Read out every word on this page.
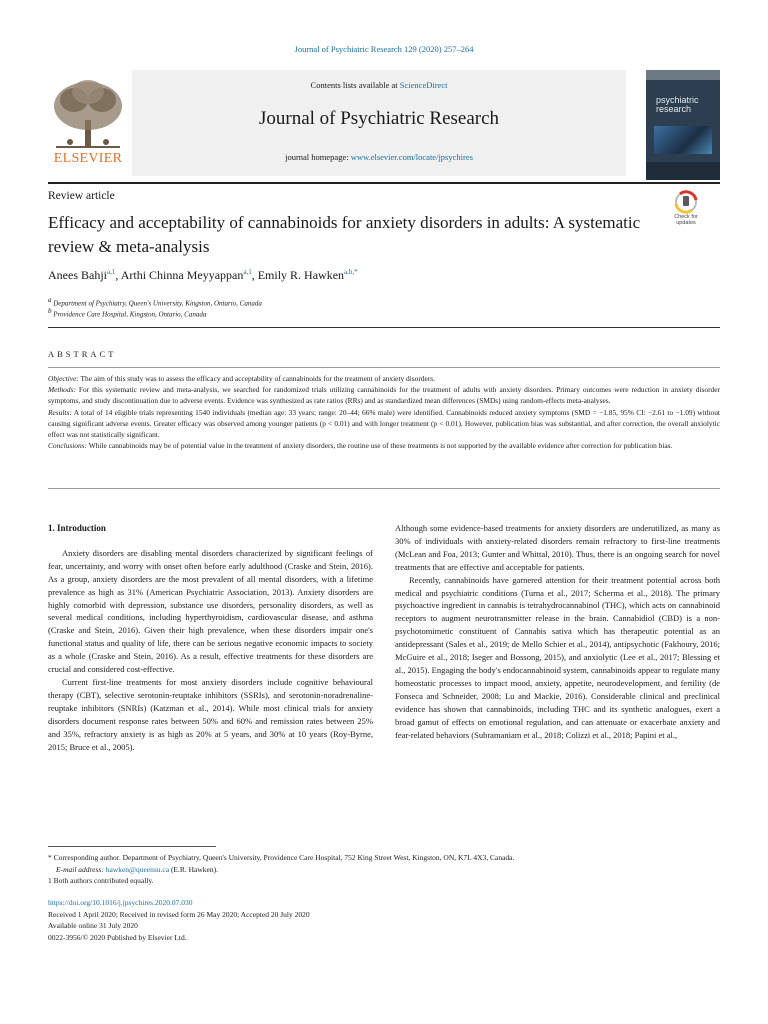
Journal of Psychiatric Research 129 (2020) 257–264
ELSEVIER
Contents lists available at ScienceDirect
Journal of Psychiatric Research
journal homepage: www.elsevier.com/locate/jpsychires
psychiatric research
Review article
Efficacy and acceptability of cannabinoids for anxiety disorders in adults: A systematic review & meta-analysis
Check for updates
Anees Bahji$^{a,1}$, Arthi Chinna Meyyappan$^{a,1}$, Emily R. Hawken$^{a,b,*}$
$^a$ Department of Psychiatry, Queen's University, Kingston, Ontario, Canada
$^b$ Providence Care Hospital, Kingston, Ontario, Canada
ABSTRACT

Objective: The aim of this study was to assess the efficacy and acceptability of cannabinoids for the treatment of anxiety disorders.

Methods: For this systematic review and meta-analysis, we searched for randomized trials utilizing cannabinoids for the treatment of adults with anxiety disorders. Primary outcomes were reduction in anxiety disorder symptoms, and study discontinuation due to adverse events. Evidence was synthesized as rate ratios (RRs) and as standardized mean differences (SMDs) using random-effects meta-analyses.

Results: A total of 14 eligible trials representing 1540 individuals (median age: 33 years; range: 20–44; 66% male) were identified. Cannabinoids reduced anxiety symptoms (SMD = −1.85, 95% CI: −2.61 to −1.09) without causing significant adverse events. Greater efficacy was observed among younger patients (p < 0.01) and with longer treatment (p < 0.01). However, publication bias was substantial, and after correction, the overall anxiolytic effect was not statistically significant.

Conclusions: While cannabinoids may be of potential value in the treatment of anxiety disorders, the routine use of these treatments is not supported by the available evidence after correction for publication bias.

1. Introduction

Anxiety disorders are disabling mental disorders characterized by significant feelings of fear, uncertainty, and worry with onset often before early adulthood (Craske and Stein, 2016). As a group, anxiety disorders are the most prevalent of all mental disorders, with a lifetime prevalence as high as 31% (American Psychiatric Association, 2013). Anxiety disorders are highly comorbid with depression, substance use disorders, personality disorders, as well as several medical conditions, including hyperthyroidism, cardiovascular disease, and asthma (Craske and Stein, 2016). Given their high prevalence, when these disorders impair one's functional status and quality of life, there can be serious negative economic impacts to society as a whole (Craske and Stein, 2016). As a result, effective treatments for these disorders are crucial and considered cost-effective.

Current first-line treatments for most anxiety disorders include cognitive behavioural therapy (CBT), selective serotonin-reuptake inhibitors (SSRIs), and serotonin-noradrenaline-reuptake inhibitors (SNRIs) (Katzman et al., 2014). While most clinical trials for anxiety disorders document response rates between 50% and 60% and remission rates between 25% and 35%, refractory anxiety is as high as 20% at 5 years, and 30% at 10 years (Roy-Byrne, 2015; Bruce et al., 2005).

Although some evidence-based treatments for anxiety disorders are underutilized, as many as 30% of individuals with anxiety-related disorders remain refractory to first-line treatments (McLean and Foa, 2013; Gunter and Whittal, 2010). Thus, there is an ongoing search for novel treatments that are effective and acceptable for patients.

Recently, cannabinoids have garnered attention for their treatment potential across both medical and psychiatric conditions (Turna et al., 2017; Scherma et al., 2018). The primary psychoactive ingredient in cannabis is tetrahydrocannabinol (THC), which acts on cannabinoid receptors to augment neurotransmitter release in the brain. Cannabidiol (CBD) is a non-psychotomimetic constituent of Cannabis sativa which has therapeutic potential as an antidepressant (Sales et al., 2019; de Mello Schier et al., 2014), antipsychotic (Fakhoury, 2016; McGuire et al., 2018; Iseger and Bossong, 2015), and anxiolytic (Lee et al., 2017; Blessing et al., 2015). Engaging the body's endocannabinoid system, cannabinoids appear to regulate many homeostatic processes to impact mood, anxiety, appetite, neurodevelopment, and fertility (de Fonseca and Schneider, 2008; Lu and Mackie, 2016). Considerable clinical and preclinical evidence has shown that cannabinoids, including THC and its synthetic analogues, exert a broad gamut of effects on emotional regulation, and can attenuate or exacerbate anxiety and fear-related behaviors (Subramaniam et al., 2018; Colizzi et al., 2018; Papini et al.,

* Corresponding author. Department of Psychiatry, Queen's University, Providence Care Hospital, 752 King Street West, Kingston, ON, K7L 4X3, Canada.

E-mail address: hawken@queensu.ca (E.R. Hawken).

1 Both authors contributed equally.

https://doi.org/10.1016/j.jpsychires.2020.07.030

Received 1 April 2020; Received in revised form 26 May 2020; Accepted 20 July 2020

Available online 31 July 2020

0022-3956/© 2020 Published by Elsevier Ltd.
